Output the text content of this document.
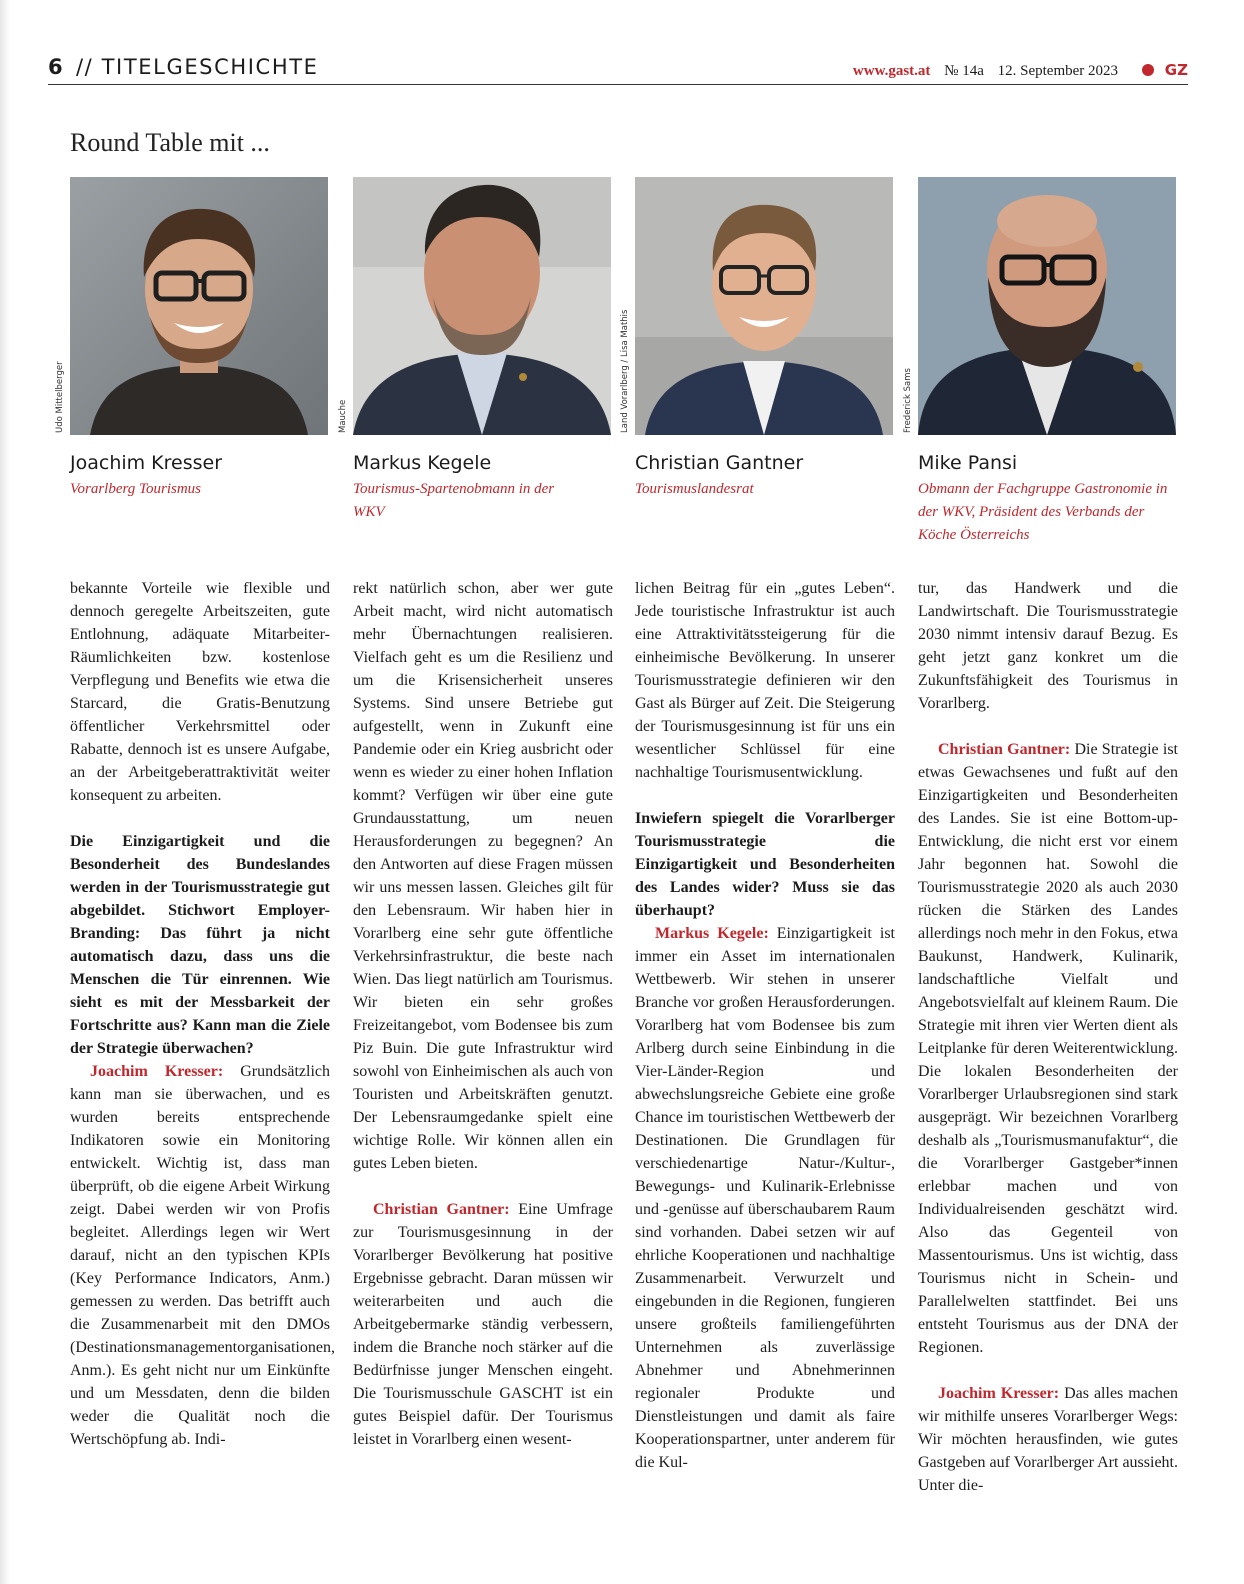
6 // TITELGESCHICHTE	www.gast.at № 14a 12. September 2023	GZ
Round Table mit ...
Udo Mittelberger	Mauche	Land Vorarlberg / Lisa Mathis	Frederick Sams
Joachim Kresser
Vorarlberg Tourismus
Markus Kegele
Tourismus-Spartenobmann in der WKV
Christian Gantner
Tourismuslandesrat
Mike Pansi
Obmann der Fachgruppe Gastronomie in der WKV, Präsident des Verbands der Köche Österreichs

bekannte Vorteile wie flexible und dennoch geregelte Arbeitszeiten, gute Entlohnung, adäquate Mitarbeiter-Räumlichkeiten bzw. kostenlose Verpflegung und Benefits wie etwa die Starcard, die Gratis-Benutzung öffentlicher Verkehrsmittel oder Rabatte, dennoch ist es unsere Aufgabe, an der Arbeitgeberattraktivität weiter konsequent zu arbeiten.

Die Einzigartigkeit und die Besonderheit des Bundeslandes werden in der Tourismusstrategie gut abgebildet. Stichwort Employer-Branding: Das führt ja nicht automatisch dazu, dass uns die Menschen die Tür einrennen. Wie sieht es mit der Messbarkeit der Fortschritte aus? Kann man die Ziele der Strategie überwachen?

Joachim Kresser: Grundsätzlich kann man sie überwachen, und es wurden bereits entsprechende Indikatoren sowie ein Monitoring entwickelt. Wichtig ist, dass man überprüft, ob die eigene Arbeit Wirkung zeigt. Dabei werden wir von Profis begleitet. Allerdings legen wir Wert darauf, nicht an den typischen KPIs (Key Performance Indicators, Anm.) gemessen zu werden. Das betrifft auch die Zusammenarbeit mit den DMOs (Destinationsmanagementorganisationen, Anm.). Es geht nicht nur um Einkünfte und um Messdaten, denn die bilden weder die Qualität noch die Wertschöpfung ab. Indi-

rekt natürlich schon, aber wer gute Arbeit macht, wird nicht automatisch mehr Übernachtungen realisieren. Vielfach geht es um die Resilienz und um die Krisensicherheit unseres Systems. Sind unsere Betriebe gut aufgestellt, wenn in Zukunft eine Pandemie oder ein Krieg ausbricht oder wenn es wieder zu einer hohen Inflation kommt? Verfügen wir über eine gute Grundausstattung, um neuen Herausforderungen zu begegnen? An den Antworten auf diese Fragen müssen wir uns messen lassen. Gleiches gilt für den Lebensraum. Wir haben hier in Vorarlberg eine sehr gute öffentliche Verkehrsinfrastruktur, die beste nach Wien. Das liegt natürlich am Tourismus. Wir bieten ein sehr großes Freizeitangebot, vom Bodensee bis zum Piz Buin. Die gute Infrastruktur wird sowohl von Einheimischen als auch von Touristen und Arbeitskräften genutzt. Der Lebensraumgedanke spielt eine wichtige Rolle. Wir können allen ein gutes Leben bieten.

Christian Gantner: Eine Umfrage zur Tourismusgesinnung in der Vorarlberger Bevölkerung hat positive Ergebnisse gebracht. Daran müssen wir weiterarbeiten und auch die Arbeitgebermarke ständig verbessern, indem die Branche noch stärker auf die Bedürfnisse junger Menschen eingeht. Die Tourismusschule GASCHT ist ein gutes Beispiel dafür. Der Tourismus leistet in Vorarlberg einen wesent-

lichen Beitrag für ein „gutes Leben“. Jede touristische Infrastruktur ist auch eine Attraktivitätssteigerung für die einheimische Bevölkerung. In unserer Tourismusstrategie definieren wir den Gast als Bürger auf Zeit. Die Steigerung der Tourismusgesinnung ist für uns ein wesentlicher Schlüssel für eine nachhaltige Tourismusentwicklung.

Inwiefern spiegelt die Vorarlberger Tourismusstrategie die Einzigartigkeit und Besonderheiten des Landes wider? Muss sie das überhaupt?

Markus Kegele: Einzigartigkeit ist immer ein Asset im internationalen Wettbewerb. Wir stehen in unserer Branche vor großen Herausforderungen. Vorarlberg hat vom Bodensee bis zum Arlberg durch seine Einbindung in die Vier-Länder-Region und abwechslungsreiche Gebiete eine große Chance im touristischen Wettbewerb der Destinationen. Die Grundlagen für verschiedenartige Natur-/Kultur-, Bewegungs- und Kulinarik-Erlebnisse und -genüsse auf überschaubarem Raum sind vorhanden. Dabei setzen wir auf ehrliche Kooperationen und nachhaltige Zusammenarbeit. Verwurzelt und eingebunden in die Regionen, fungieren unsere großteils familiengeführten Unternehmen als zuverlässige Abnehmer und Abnehmerinnen regionaler Produkte und Dienstleistungen und damit als faire Kooperationspartner, unter anderem für die Kul-

tur, das Handwerk und die Landwirtschaft. Die Tourismusstrategie 2030 nimmt intensiv darauf Bezug. Es geht jetzt ganz konkret um die Zukunftsfähigkeit des Tourismus in Vorarlberg.

Christian Gantner: Die Strategie ist etwas Gewachsenes und fußt auf den Einzigartigkeiten und Besonderheiten des Landes. Sie ist eine Bottom-up-Entwicklung, die nicht erst vor einem Jahr begonnen hat. Sowohl die Tourismusstrategie 2020 als auch 2030 rücken die Stärken des Landes allerdings noch mehr in den Fokus, etwa Baukunst, Handwerk, Kulinarik, landschaftliche Vielfalt und Angebotsvielfalt auf kleinem Raum. Die Strategie mit ihren vier Werten dient als Leitplanke für deren Weiterentwicklung. Die lokalen Besonderheiten der Vorarlberger Urlaubsregionen sind stark ausgeprägt. Wir bezeichnen Vorarlberg deshalb als „Tourismusmanufaktur“, die die Vorarlberger Gastgeber*innen erlebbar machen und von Individualreisenden geschätzt wird. Also das Gegenteil von Massentourismus. Uns ist wichtig, dass Tourismus nicht in Schein- und Parallelwelten stattfindet. Bei uns entsteht Tourismus aus der DNA der Regionen.

Joachim Kresser: Das alles machen wir mithilfe unseres Vorarlberger Wegs: Wir möchten herausfinden, wie gutes Gastgeben auf Vorarlberger Art aussieht. Unter die-
